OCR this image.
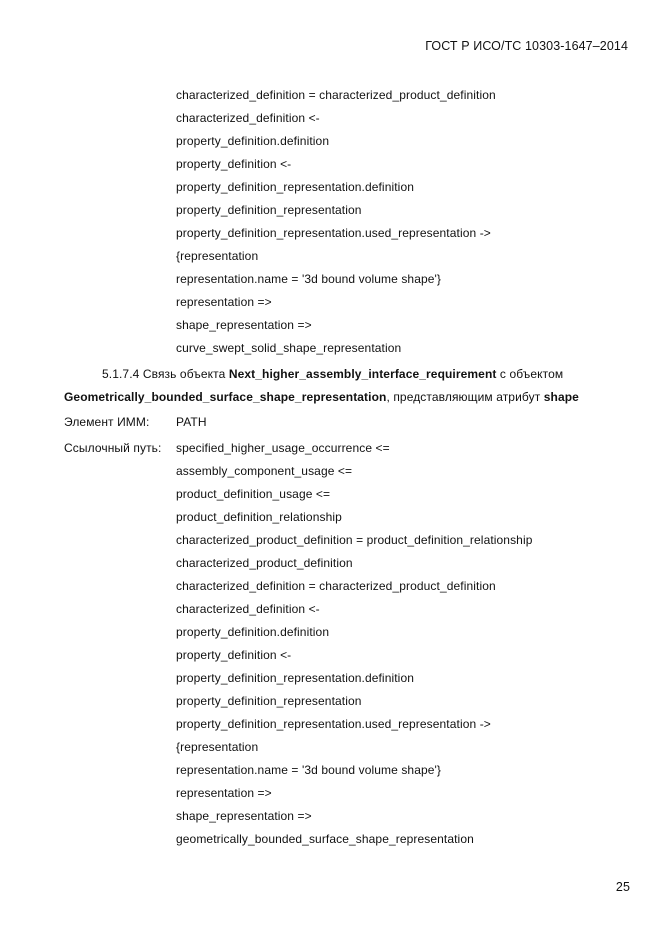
ГОСТ Р ИСО/ТС 10303-1647–2014
characterized_definition = characterized_product_definition
characterized_definition <-
property_definition.definition
property_definition <-
property_definition_representation.definition
property_definition_representation
property_definition_representation.used_representation ->
{representation
representation.name = '3d bound volume shape'}
representation =>
shape_representation =>
curve_swept_solid_shape_representation
5.1.7.4 Связь объекта Next_higher_assembly_interface_requirement с объектом
Geometrically_bounded_surface_shape_representation, представляющим атрибут shape
Элемент ИММ: PATH
Ссылочный путь: specified_higher_usage_occurrence <=
assembly_component_usage <=
product_definition_usage <=
product_definition_relationship
characterized_product_definition = product_definition_relationship
characterized_product_definition
characterized_definition = characterized_product_definition
characterized_definition <-
property_definition.definition
property_definition <-
property_definition_representation.definition
property_definition_representation
property_definition_representation.used_representation ->
{representation
representation.name = '3d bound volume shape'}
representation =>
shape_representation =>
geometrically_bounded_surface_shape_representation
25
